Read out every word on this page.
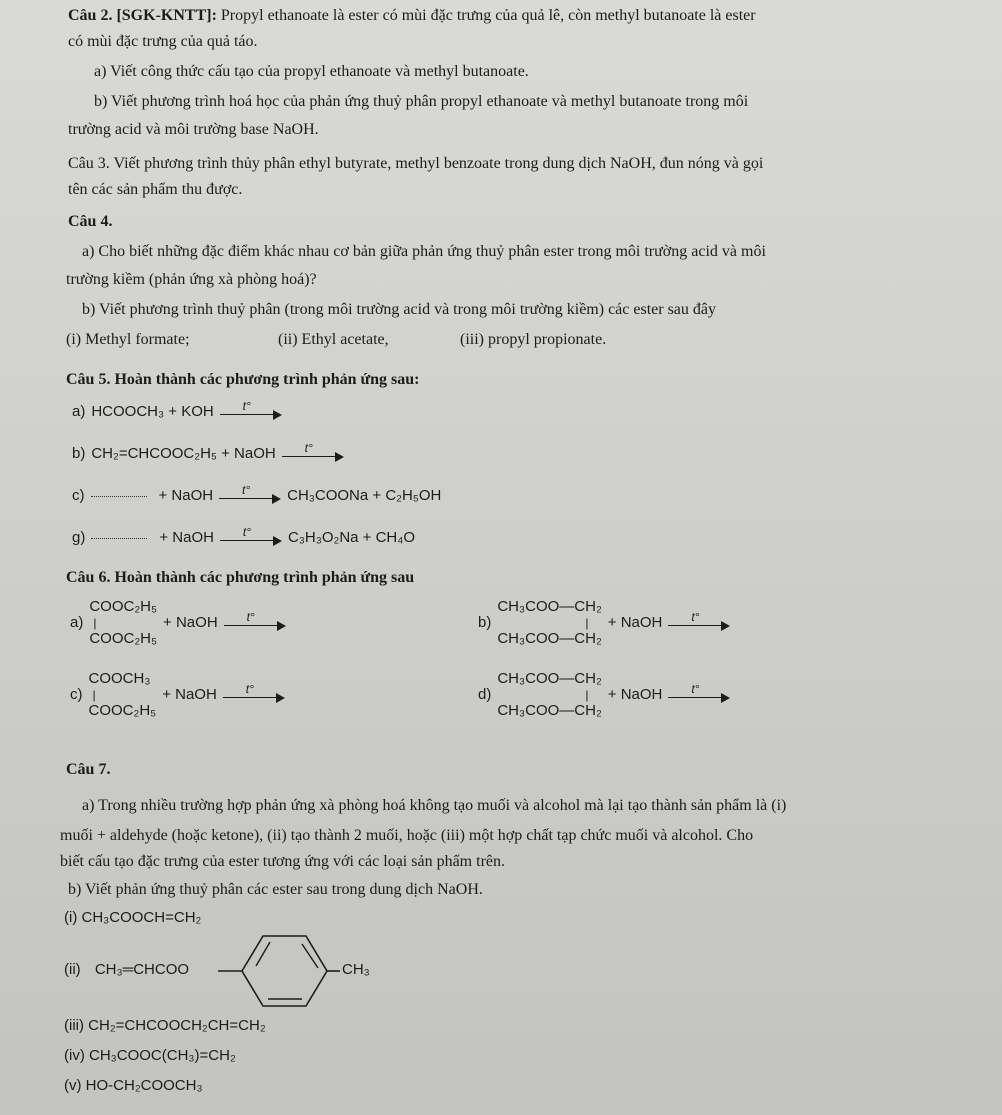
Câu 2. [SGK-KNTT]: Propyl ethanoate là ester có mùi đặc trưng của quả lê, còn methyl butanoate là ester
có mùi đặc trưng của quả táo.
a) Viết công thức cấu tạo của propyl ethanoate và methyl butanoate.
b) Viết phương trình hoá học của phản ứng thuỷ phân propyl ethanoate và methyl butanoate trong môi
trường acid và môi trường base NaOH.
Câu 3. Viết phương trình thủy phân ethyl butyrate, methyl benzoate trong dung dịch NaOH, đun nóng và gọi
tên các sản phẩm thu được.
Câu 4.
a) Cho biết những đặc điểm khác nhau cơ bản giữa phản ứng thuỷ phân ester trong môi trường acid và môi
trường kiềm (phản ứng xà phòng hoá)?
b) Viết phương trình thuỷ phân (trong môi trường acid và trong môi trường kiềm) các ester sau đây
(i) Methyl formate;	(ii) Ethyl acetate,	(iii) propyl propionate.
Câu 5. Hoàn thành các phương trình phản ứng sau:
a) HCOOCH₃ + KOH	t°
b) CH₂=CHCOOC₂H₅ + NaOH	t°
c)	+ NaOH	t°	CH₃COONa + C₂H₅OH
g)	+ NaOH	t°	C₃H₃O₂Na + CH₄O
Câu 6. Hoàn thành các phương trình phản ứng sau
a)
COOC₂H₅
|
COOC₂H₅
+ NaOH	t°	b)
CH₃COO—CH₂
|
CH₃COO—CH₂
+ NaOH	t°
c)
COOCH₃
|
COOC₂H₅
+ NaOH	t°	d)
CH₃COO—CH₂
|
CH₃COO—CH₂
+ NaOH	t°
Câu 7.
a) Trong nhiều trường hợp phản ứng xà phòng hoá không tạo muối và alcohol mà lại tạo thành sản phẩm là (i)
muối + aldehyde (hoặc ketone), (ii) tạo thành 2 muối, hoặc (iii) một hợp chất tạp chức muối và alcohol. Cho
biết cấu tạo đặc trưng của ester tương ứng với các loại sản phẩm trên.
b) Viết phản ứng thuỷ phân các ester sau trong dung dịch NaOH.
(i) CH₃COOCH=CH₂
(ii) CH₃═CHCOO	CH₃
(iii) CH₂=CHCOOCH₂CH=CH₂
(iv) CH₃COOC(CH₃)=CH₂
(v) HO-CH₂COOCH₃
